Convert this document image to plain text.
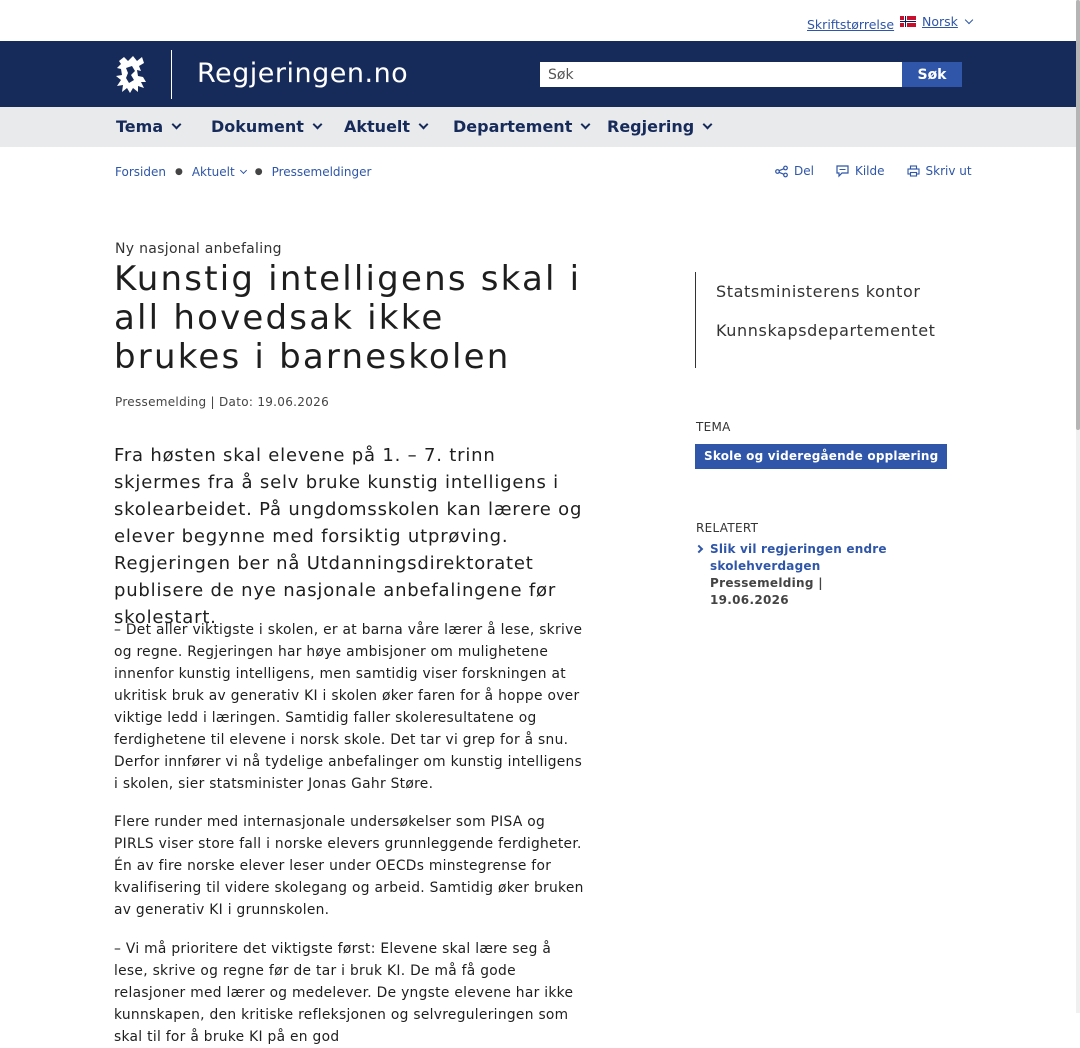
Skriftstørrelse Norsk
Regjeringen.no
Søk	Søk
Tema	Dokument	Aktuelt	Departement Regjering
Forsiden ● Aktuelt ● Pressemeldinger	Del	Kilde	Skriv ut
Ny nasjonal anbefaling
Kunstig intelligens skal i all hovedsak ikke brukes i barneskolen
Pressemelding | Dato: 19.06.2026

Fra høsten skal elevene på 1. – 7. trinn skjermes fra å selv bruke kunstig intelligens i skolearbeidet. På ungdomsskolen kan lærere og elever begynne med forsiktig utprøving. Regjeringen ber nå Utdanningsdirektoratet publisere de nye nasjonale anbefalingene før skolestart.

– Det aller viktigste i skolen, er at barna våre lærer å lese, skrive og regne. Regjeringen har høye ambisjoner om mulighetene innenfor kunstig intelligens, men samtidig viser forskningen at ukritisk bruk av generativ KI i skolen øker faren for å hoppe over viktige ledd i læringen. Samtidig faller skoleresultatene og ferdighetene til elevene i norsk skole. Det tar vi grep for å snu. Derfor innfører vi nå tydelige anbefalinger om kunstig intelligens i skolen, sier statsminister Jonas Gahr Støre.

Flere runder med internasjonale undersøkelser som PISA og PIRLS viser store fall i norske elevers grunnleggende ferdigheter. Én av fire norske elever leser under OECDs minstegrense for kvalifisering til videre skolegang og arbeid. Samtidig øker bruken av generativ KI i grunnskolen.

– Vi må prioritere det viktigste først: Elevene skal lære seg å lese, skrive og regne før de tar i bruk KI. De må få gode relasjoner med lærer og medelever. De yngste elevene har ikke kunnskapen, den kritiske refleksjonen og selvreguleringen som skal til for å bruke KI på en god

Statsministerens kontor
Kunnskapsdepartementet
TEMA
Skole og videregående opplæring
RELATERT
Slik vil regjeringen endre skolehverdagen
Pressemelding | 19.06.2026
